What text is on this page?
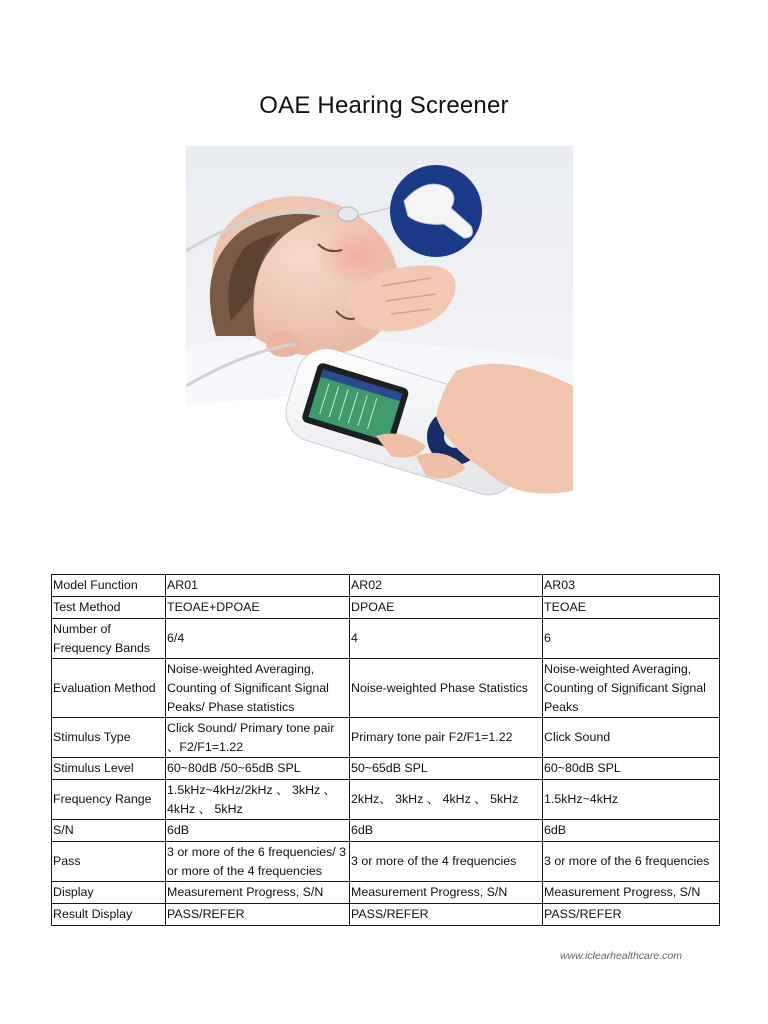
OAE Hearing Screener
Model Function	AR01	AR02	AR03
Test Method	TEOAE+DPOAE	DPOAE	TEOAE
Number of Frequency Bands	6/4	4	6
Evaluation Method	Noise-weighted Averaging, Counting of Significant Signal Peaks/ Phase statistics	Noise-weighted Phase Statistics	Noise-weighted Averaging, Counting of Significant Signal Peaks
Stimulus Type	Click Sound/ Primary tone pair 、F2/F1=1.22	Primary tone pair F2/F1=1.22	Click Sound
Stimulus Level	60~80dB /50~65dB SPL	50~65dB SPL	60~80dB SPL
Frequency Range	1.5kHz~4kHz/2kHz 、 3kHz 、 4kHz 、 5kHz	2kHz、 3kHz 、 4kHz 、 5kHz	1.5kHz~4kHz
S/N	6dB	6dB	6dB
Pass	3 or more of the 6 frequencies/ 3 or more of the 4 frequencies	3 or more of the 4 frequencies	3 or more of the 6 frequencies
Display	Measurement Progress, S/N	Measurement Progress, S/N	Measurement Progress, S/N
Result Display	PASS/REFER	PASS/REFER	PASS/REFER
www.iclearhealthcare.com
